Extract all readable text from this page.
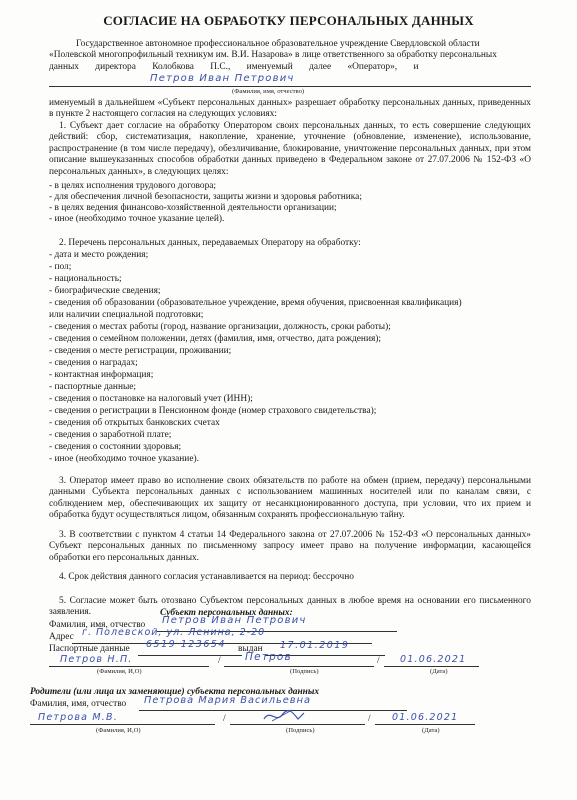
СОГЛАСИЕ НА ОБРАБОТКУ ПЕРСОНАЛЬНЫХ ДАННЫХ
Государственное автономное профессиональное образовательное учреждение Свердловской области
«Полевской многопрофильный техникум им. В.И. Назарова» в лице ответственного за обработку персональных
данных директора Колобкова П.С., именуемый далее «Оператор», и
Петров Иван Петрович
(Фамилия, имя, отчество)
именуемый в дальнейшем «Субъект персональных данных» разрешает обработку персональных данных, приведенных в пункте 2 настоящего согласия на следующих условиях:
1. Субъект дает согласие на обработку Оператором своих персональных данных, то есть совершение следующих действий: сбор, систематизация, накопление, хранение, уточнение (обновление, изменение), использование, распространение (в том числе передачу), обезличивание, блокирование, уничтожение персональных данных, при этом описание вышеуказанных способов обработки данных приведено в Федеральном законе от 27.07.2006 № 152-ФЗ «О персональных данных», в следующих целях:
- в целях исполнения трудового договора;
- для обеспечения личной безопасности, защиты жизни и здоровья работника;
- в целях ведения финансово-хозяйственной деятельности организации;
- иное (необходимо точное указание целей).
2. Перечень персональных данных, передаваемых Оператору на обработку:
- дата и место рождения;
- пол;
- национальность;
- биографические сведения;
- сведения об образовании (образовательное учреждение, время обучения, присвоенная квалификация)
или наличии специальной подготовки;
- сведения о местах работы (город, название организации, должность, сроки работы);
- сведения о семейном положении, детях (фамилия, имя, отчество, дата рождения);
- сведения о месте регистрации, проживании;
- сведения о наградах;
- контактная информация;
- паспортные данные;
- сведения о постановке на налоговый учет (ИНН);
- сведения о регистрации в Пенсионном фонде (номер страхового свидетельства);
- сведения об открытых банковских счетах
- сведения о заработной плате;
- сведения о состоянии здоровья;
- иное (необходимо точное указание).
3. Оператор имеет право во исполнение своих обязательств по работе на обмен (прием, передачу) персональными данными Субъекта персональных данных с использованием машинных носителей или по каналам связи, с соблюдением мер, обеспечивающих их защиту от несанкционированного доступа, при условии, что их прием и обработка будут осуществляться лицом, обязанным сохранять профессиональную тайну.
3. В соответствии с пунктом 4 статьи 14 Федерального закона от 27.07.2006 № 152-ФЗ «О персональных данных» Субъект персональных данных по письменному запросу имеет право на получение информации, касающейся обработки его персональных данных.
4. Срок действия данного согласия устанавливается на период: бессрочно
5. Согласие может быть отозвано Субъектом персональных данных в любое время на основании его письменного заявления.	Субъект персональных данных:
Фамилия, имя, отчество Петров Иван Петрович
Адрес г. Полевской, ул. Ленина, 2-20
Паспортные данные 6519 123654 выдан 17.01.2019
Петров Н.П.	/ Петров	/ 01.06.2021
(Фамилия, И,О)	(Подпись)	(Дата)
Родители (или лица их заменяющие) субъекта персональных данных
Фамилия, имя, отчество Петрова Мария Васильевна
Петрова М.В.	/	/ 01.06.2021
(Фамилия, И,О)	(Подпись)	(Дата)
